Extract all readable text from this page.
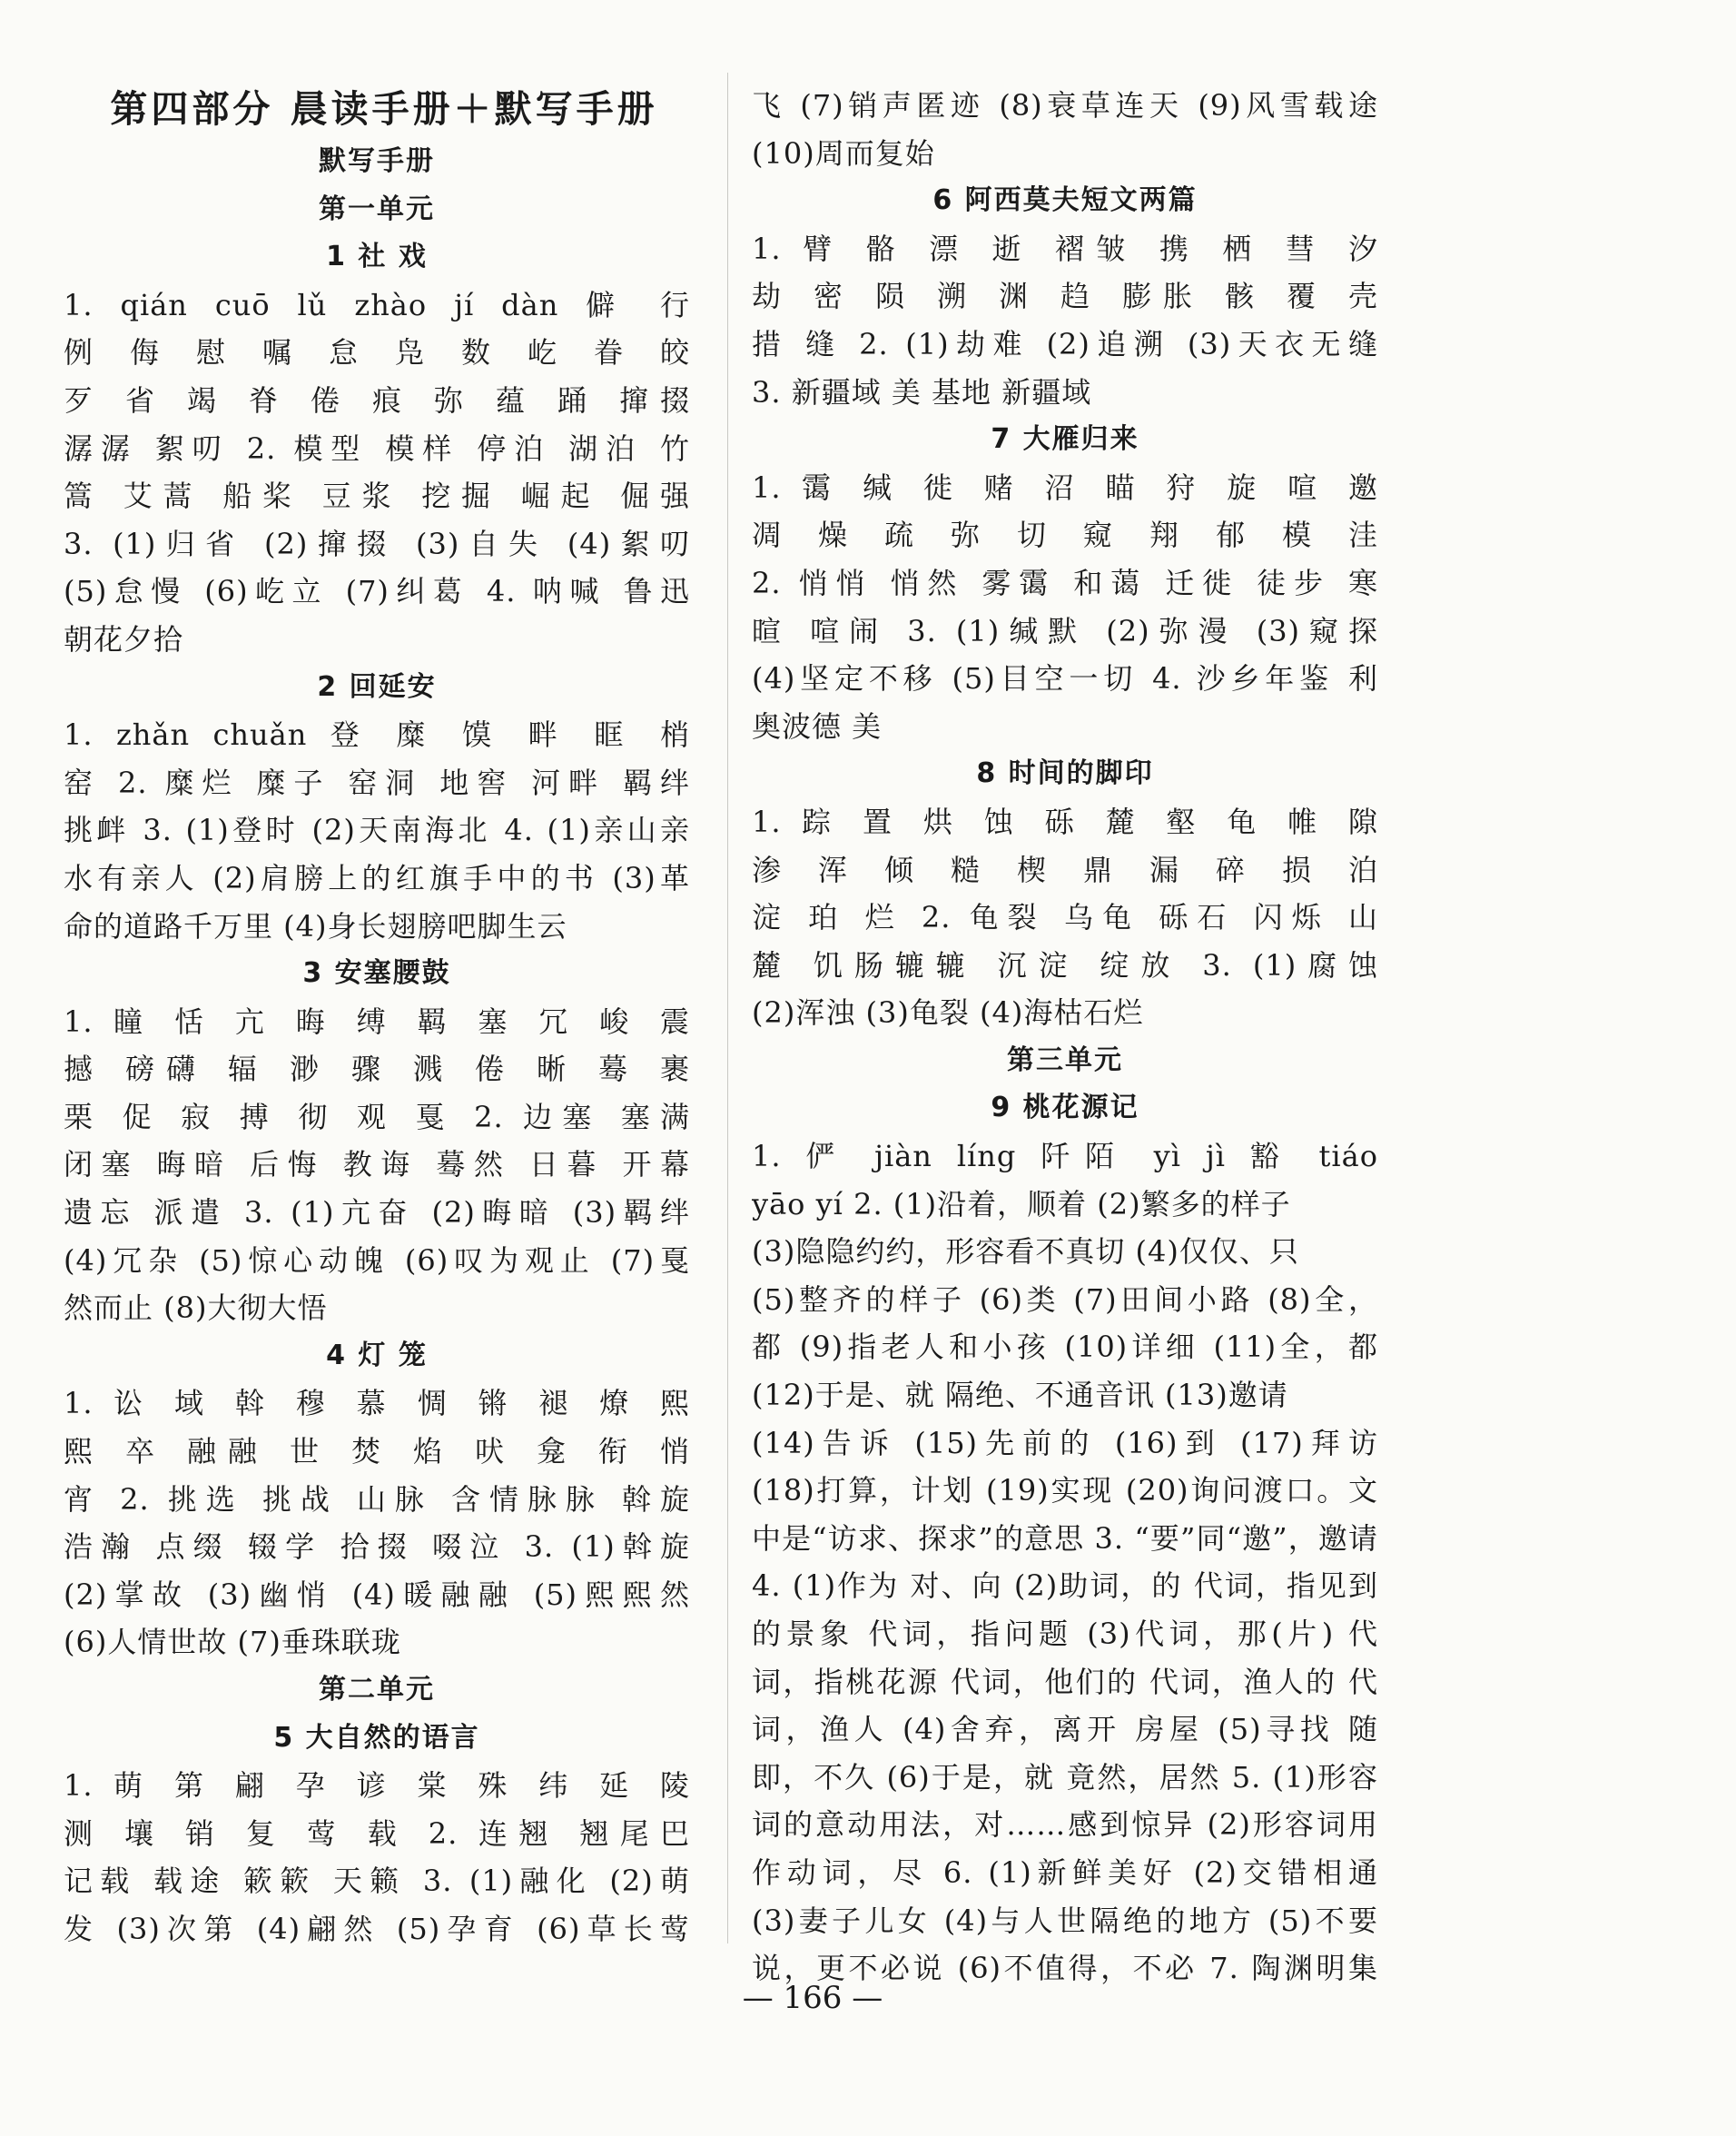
第四部分 晨读手册＋默写手册
默写手册
第一单元
1 社 戏
1. qián cuō lǔ zhào jí dàn 僻 行
例 侮 慰 嘱 怠 凫 数 屹 眷 皎
歹 省 竭 脊 倦 痕 弥 蕴 踊 撺掇
潺潺 絮叨 2. 模型 模样 停泊 湖泊 竹
篙 艾蒿 船桨 豆浆 挖掘 崛起 倔强
3. (1)归省 (2)撺掇 (3)自失 (4)絮叨
(5)怠慢 (6)屹立 (7)纠葛 4. 呐喊 鲁迅
朝花夕拾
2 回延安
1. zhǎn chuǎn 登 糜 馍 畔 眶 梢
窑 2. 糜烂 糜子 窑洞 地窖 河畔 羁绊
挑衅 3. (1)登时 (2)天南海北 4. (1)亲山亲
水有亲人 (2)肩膀上的红旗手中的书 (3)革
命的道路千万里 (4)身长翅膀吧脚生云
3 安塞腰鼓
1. 瞳 恬 亢 晦 缚 羁 塞 冗 峻 震
撼 磅礴 辐 渺 骤 溅 倦 晰 蓦 裹
栗 促 寂 搏 彻 观 戛 2. 边塞 塞满
闭塞 晦暗 后悔 教诲 蓦然 日暮 开幕
遗忘 派遣 3. (1)亢奋 (2)晦暗 (3)羁绊
(4)冗杂 (5)惊心动魄 (6)叹为观止 (7)戛
然而止 (8)大彻大悟
4 灯 笼
1. 讼 域 斡 穆 慕 惆 锵 褪 燎 熙
熙 卒 融融 世 焚 焰 吠 龛 衔 悄
宵 2. 挑选 挑战 山脉 含情脉脉 斡旋
浩瀚 点缀 辍学 拾掇 啜泣 3. (1)斡旋
(2)掌故 (3)幽悄 (4)暖融融 (5)熙熙然
(6)人情世故 (7)垂珠联珑
第二单元
5 大自然的语言
1. 萌 第 翩 孕 谚 棠 殊 纬 延 陵
测 壤 销 复 莺 载 2. 连翘 翘尾巴
记载 载途 簌簌 天籁 3. (1)融化 (2)萌
发 (3)次第 (4)翩然 (5)孕育 (6)草长莺
飞 (7)销声匿迹 (8)衰草连天 (9)风雪载途
(10)周而复始
6 阿西莫夫短文两篇
1. 臂 骼 漂 逝 褶皱 携 栖 彗 汐
劫 密 陨 溯 渊 趋 膨胀 骸 覆 壳
措 缝 2. (1)劫难 (2)追溯 (3)天衣无缝
3. 新疆域 美 基地 新疆域
7 大雁归来
1. 霭 缄 徙 赌 沼 瞄 狩 旋 喧 邀
凋 燥 疏 弥 切 窥 翔 郁 模 洼
2. 悄悄 悄然 雾霭 和蔼 迁徙 徒步 寒
暄 喧闹 3. (1)缄默 (2)弥漫 (3)窥探
(4)坚定不移 (5)目空一切 4. 沙乡年鉴 利
奥波德 美
8 时间的脚印
1. 踪 置 烘 蚀 砾 麓 壑 龟 帷 隙
渗 浑 倾 糙 楔 鼎 漏 碎 损 泊
淀 珀 烂 2. 龟裂 乌龟 砾石 闪烁 山
麓 饥肠辘辘 沉淀 绽放 3. (1)腐蚀
(2)浑浊 (3)龟裂 (4)海枯石烂
第三单元
9 桃花源记
1. 俨 jiàn líng 阡陌 yì jì 豁 tiáo
yāo yí 2. (1)沿着，顺着 (2)繁多的样子
(3)隐隐约约，形容看不真切 (4)仅仅、只
(5)整齐的样子 (6)类 (7)田间小路 (8)全，
都 (9)指老人和小孩 (10)详细 (11)全，都
(12)于是、就 隔绝、不通音讯 (13)邀请
(14)告诉 (15)先前的 (16)到 (17)拜访
(18)打算，计划 (19)实现 (20)询问渡口。文
中是“访求、探求”的意思 3. “要”同“邀”，邀请
4. (1)作为 对、向 (2)助词，的 代词，指见到
的景象 代词，指问题 (3)代词，那(片) 代
词，指桃花源 代词，他们的 代词，渔人的 代
词，渔人 (4)舍弃，离开 房屋 (5)寻找 随
即，不久 (6)于是，就 竟然，居然 5. (1)形容
词的意动用法，对……感到惊异 (2)形容词用
作动词，尽 6. (1)新鲜美好 (2)交错相通
(3)妻子儿女 (4)与人世隔绝的地方 (5)不要
说，更不必说 (6)不值得，不必 7. 陶渊明集
— 166 —
